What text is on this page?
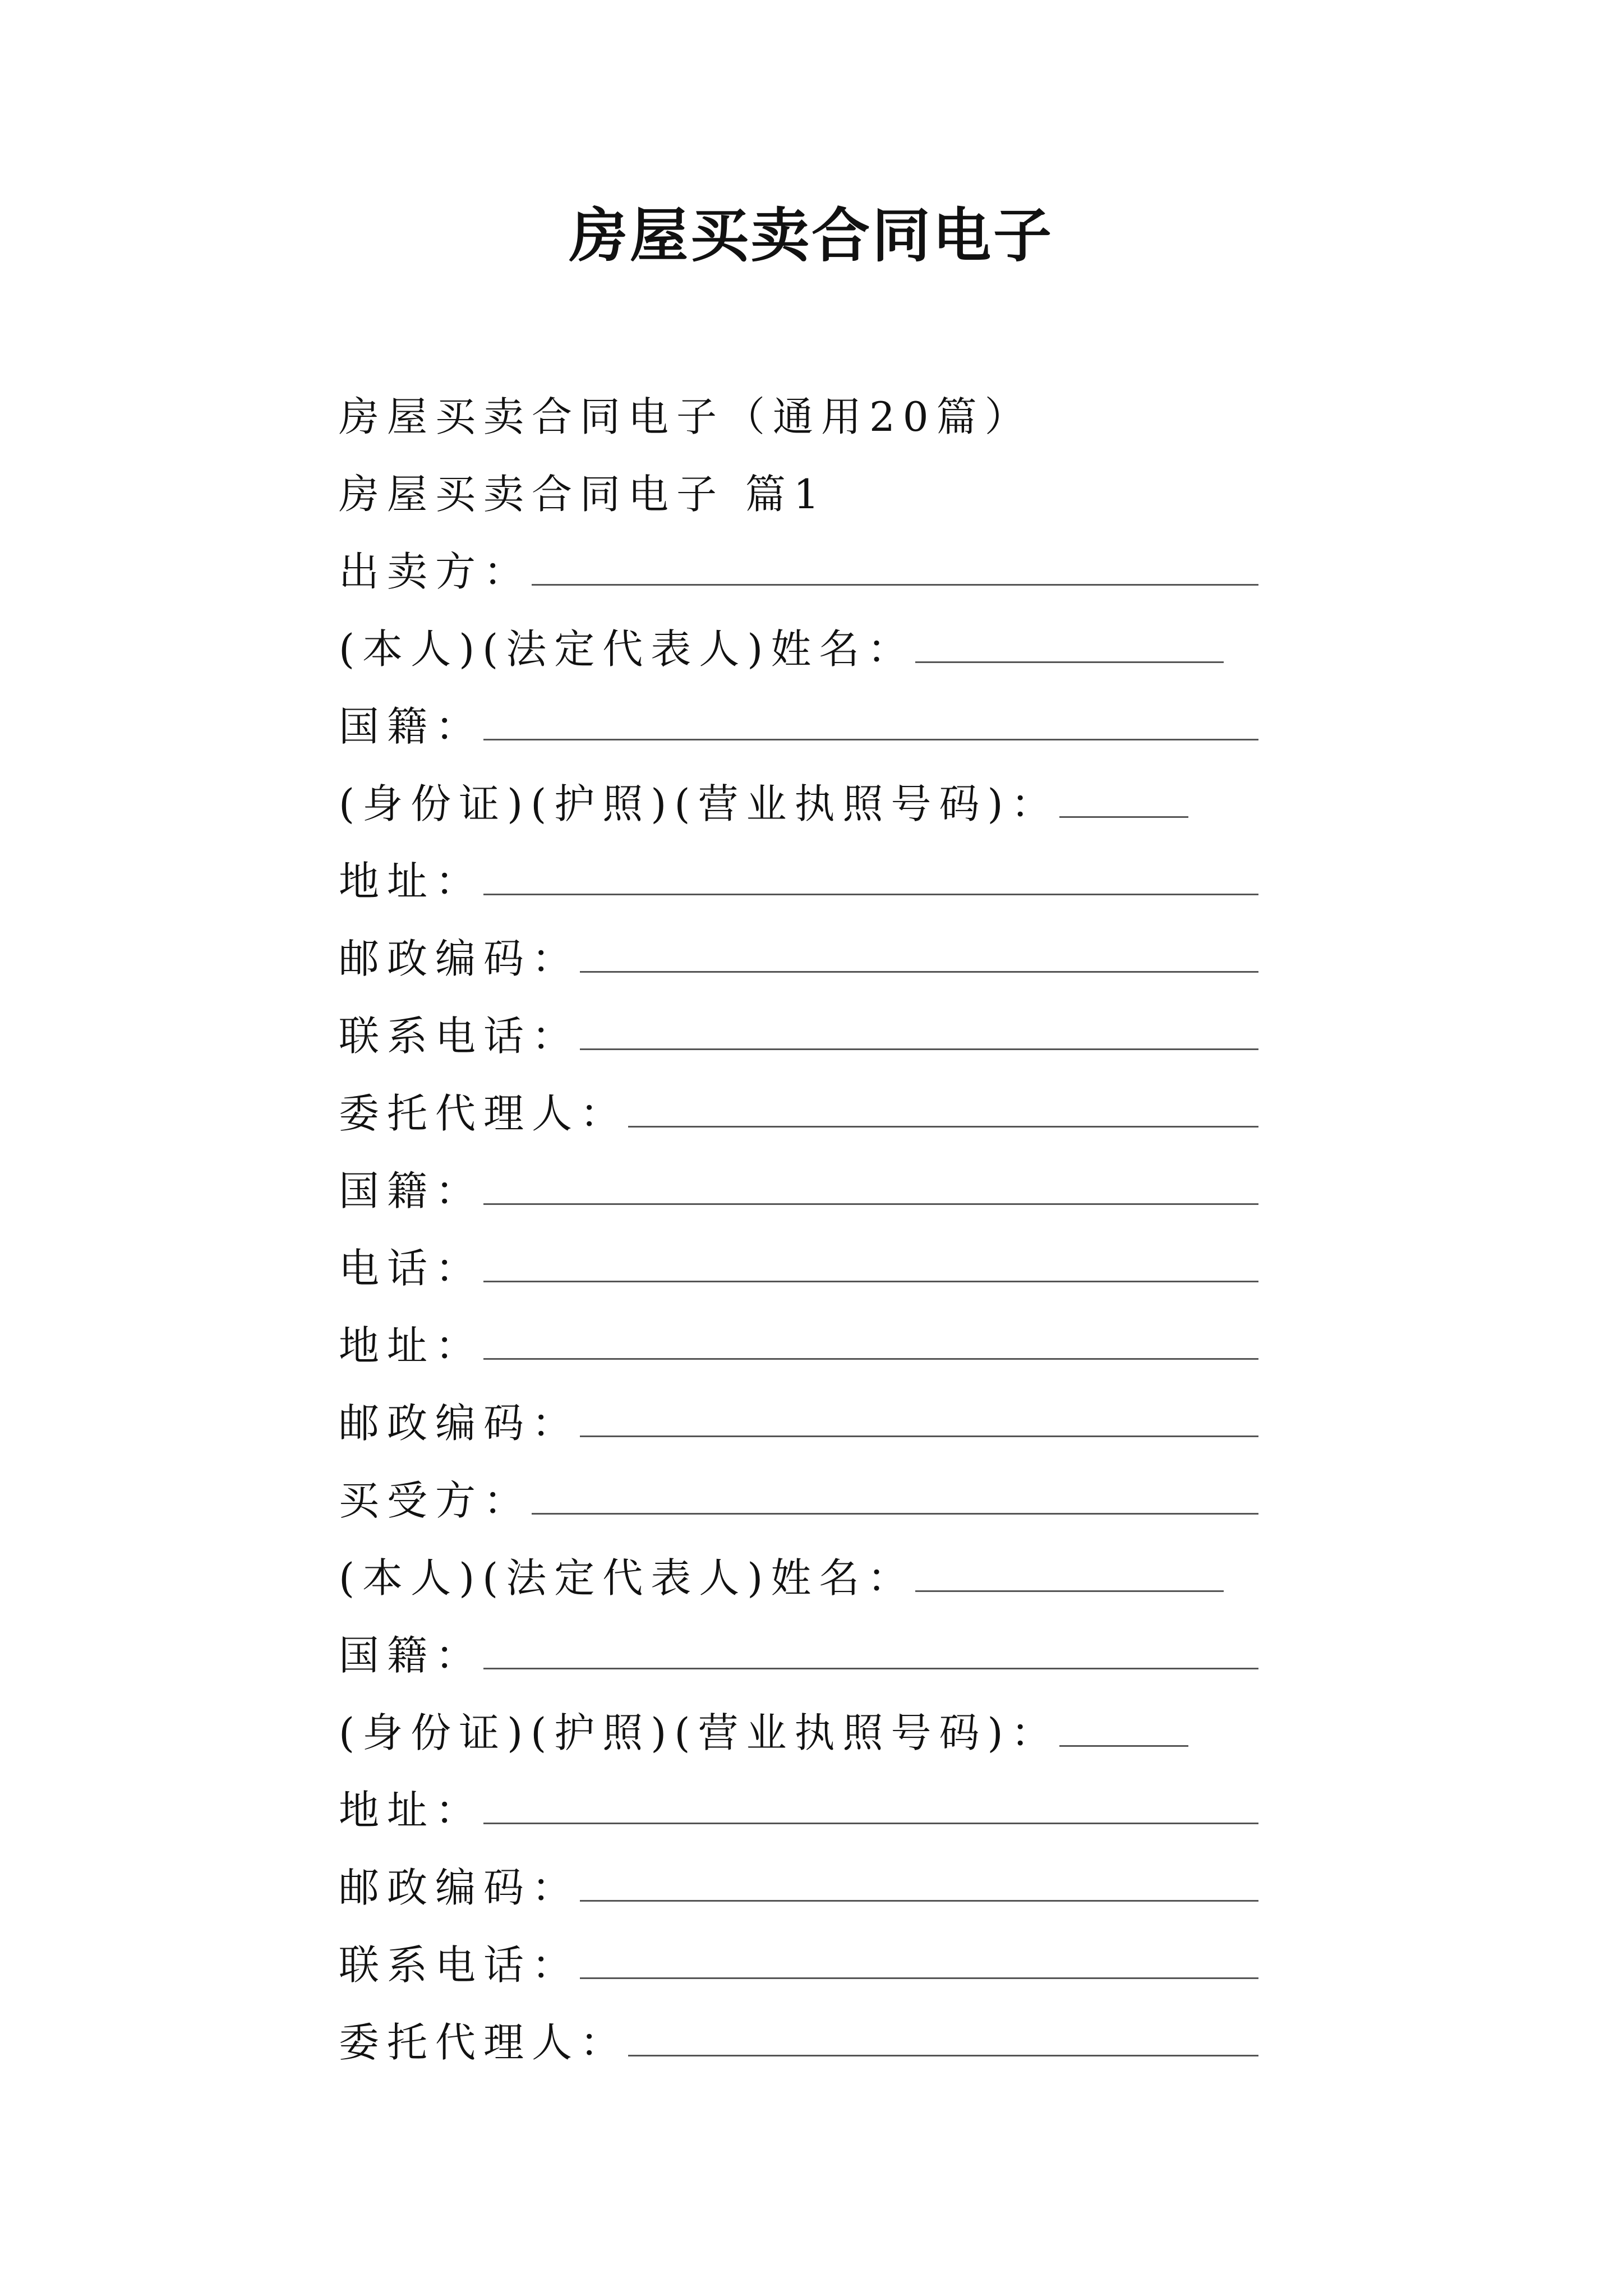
房屋买卖合同电子
房屋买卖合同电子（通用20篇）
房屋买卖合同电子 篇1
出卖方：
(本人)(法定代表人)姓名：
国籍：
(身份证)(护照)(营业执照号码)：
地址：
邮政编码：
联系电话：
委托代理人：
国籍：
电话：
地址：
邮政编码：
买受方：
(本人)(法定代表人)姓名：
国籍：
(身份证)(护照)(营业执照号码)：
地址：
邮政编码：
联系电话：
委托代理人：
